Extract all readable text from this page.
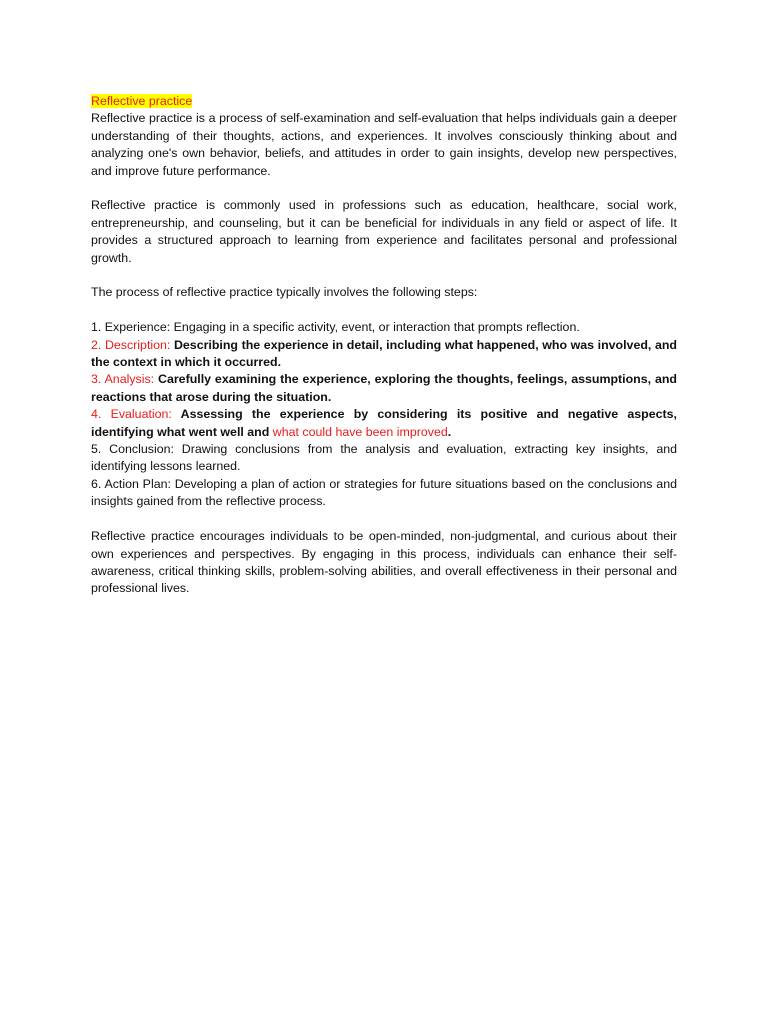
Reflective practice

Reflective practice is a process of self-examination and self-evaluation that helps individuals gain a deeper understanding of their thoughts, actions, and experiences. It involves consciously thinking about and analyzing one's own behavior, beliefs, and attitudes in order to gain insights, develop new perspectives, and improve future performance.

Reflective practice is commonly used in professions such as education, healthcare, social work, entrepreneurship, and counseling, but it can be beneficial for individuals in any field or aspect of life. It provides a structured approach to learning from experience and facilitates personal and professional growth.

The process of reflective practice typically involves the following steps:

1. Experience: Engaging in a specific activity, event, or interaction that prompts reflection.

2. Description: Describing the experience in detail, including what happened, who was involved, and the context in which it occurred.

3. Analysis: Carefully examining the experience, exploring the thoughts, feelings, assumptions, and reactions that arose during the situation.

4. Evaluation: Assessing the experience by considering its positive and negative aspects, identifying what went well and what could have been improved.

5. Conclusion: Drawing conclusions from the analysis and evaluation, extracting key insights, and identifying lessons learned.

6. Action Plan: Developing a plan of action or strategies for future situations based on the conclusions and insights gained from the reflective process.

Reflective practice encourages individuals to be open-minded, non-judgmental, and curious about their own experiences and perspectives. By engaging in this process, individuals can enhance their self-awareness, critical thinking skills, problem-solving abilities, and overall effectiveness in their personal and professional lives.
